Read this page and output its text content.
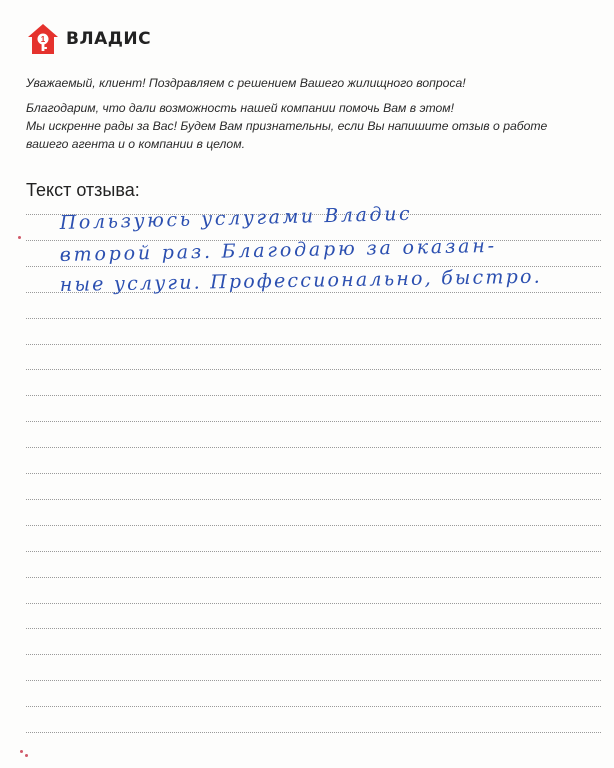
1 ВЛАДИС
Уважаемый, клиент! Поздравляем с решением Вашего жилищного вопроса!
Благодарим, что дали возможность нашей компании помочь Вам в этом!
Мы искренне рады за Вас! Будем Вам признательны, если Вы напишите отзыв о работе
вашего агента и о компании в целом.
Текст отзыва:
Пользуюсь услугами Владис
второй раз. Благодарю за оказан-
ные услуги. Профессионально, быстро.
